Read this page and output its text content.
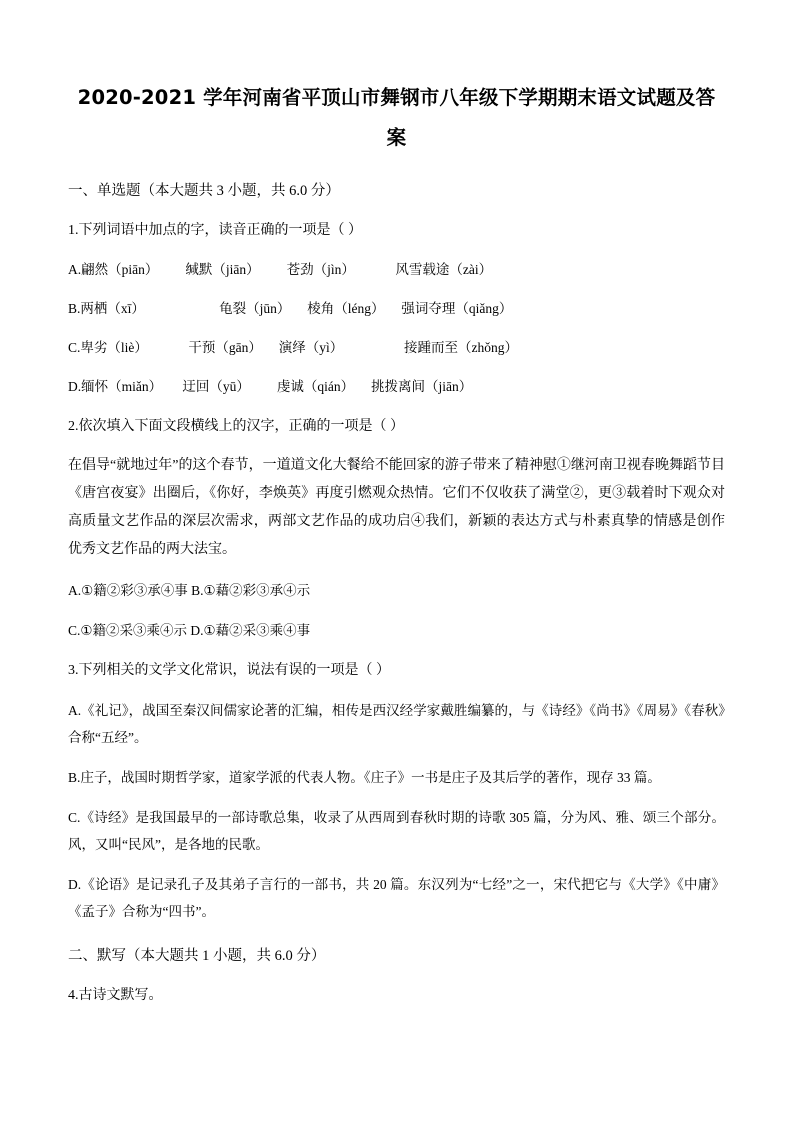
2020-2021 学年河南省平顶山市舞钢市八年级下学期期末语文试题及答案
一、单选题（本大题共 3 小题，共 6.0 分）
1.下列词语中加点的字，读音正确的一项是（ ）
A.翩然（piān）        缄默（jiān）        苍劲（jìn）            风雪载途（zài）
B.两栖（xī）                      龟裂（jūn）     棱角（léng）     强词夺理（qiǎng）
C.卑劣（liè）            干预（gān）     演绎（yì）                  接踵而至（zhǒng）
D.缅怀（miǎn）      迂回（yū）        虔诚（qián）     挑拨离间（jiān）
2.依次填入下面文段横线上的汉字，正确的一项是（ ）
在倡导“就地过年”的这个春节，一道道文化大餐给不能回家的游子带来了精神慰①继河南卫视春晚舞蹈节目《唐宫夜宴》出圈后，《你好，李焕英》再度引燃观众热情。它们不仅收获了满堂②，更③载着时下观众对高质量文艺作品的深层次需求，两部文艺作品的成功启④我们，新颖的表达方式与朴素真挚的情感是创作优秀文艺作品的两大法宝。
A.①籍②彩③承④事 B.①藉②彩③承④示
C.①籍②采③乘④示 D.①藉②采③乘④事
3.下列相关的文学文化常识，说法有误的一项是（ ）
A.《礼记》，战国至秦汉间儒家论著的汇编，相传是西汉经学家戴胜编纂的，与《诗经》《尚书》《周易》《春秋》合称“五经”。
B.庄子，战国时期哲学家，道家学派的代表人物。《庄子》一书是庄子及其后学的著作，现存 33 篇。
C.《诗经》是我国最早的一部诗歌总集，收录了从西周到春秋时期的诗歌 305 篇，分为风、雅、颂三个部分。风，又叫“民风”，是各地的民歌。
D.《论语》是记录孔子及其弟子言行的一部书，共 20 篇。东汉列为“七经”之一，宋代把它与《大学》《中庸》《孟子》合称为“四书”。
二、默写（本大题共 1 小题，共 6.0 分）
4.古诗文默写。
